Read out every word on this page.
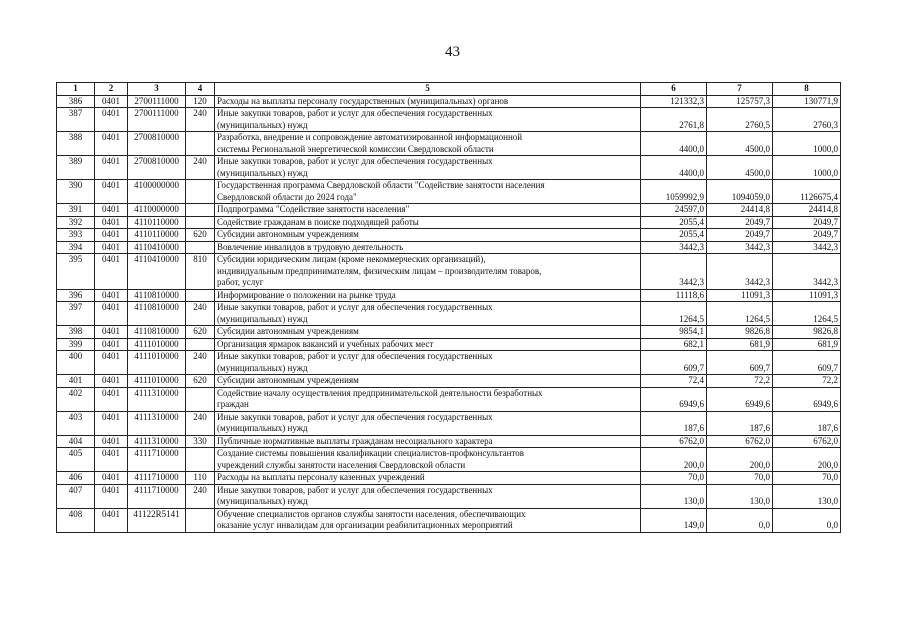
43
1	2	3	4	5	6	7	8
386	0401	2700111000	120	Расходы на выплаты персоналу государственных (муниципальных) органов	121332,3	125757,3	130771,9
387	0401	2700111000	240	Иные закупки товаров, работ и услуг для обеспечения государственных
(муниципальных) нужд	2761,8	2760,5	2760,3
388	0401	2700810000		Разработка, внедрение и сопровождение автоматизированной информационной
системы Региональной энергетической комиссии Свердловской области	4400,0	4500,0	1000,0
389	0401	2700810000	240	Иные закупки товаров, работ и услуг для обеспечения государственных
(муниципальных) нужд	4400,0	4500,0	1000,0
390	0401	4100000000		Государственная программа Свердловской области "Содействие занятости населения
Свердловской области до 2024 года"	1059992,9	1094059,0	1126675,4
391	0401	4110000000		Подпрограмма "Содействие занятости населения"	24597,0	24414,8	24414,8
392	0401	4110110000		Содействие гражданам в поиске подходящей работы	2055,4	2049,7	2049,7
393	0401	4110110000	620	Субсидии автономным учреждениям	2055,4	2049,7	2049,7
394	0401	4110410000		Вовлечение инвалидов в трудовую деятельность	3442,3	3442,3	3442,3
395	0401	4110410000	810	Субсидии юридическим лицам (кроме некоммерческих организаций),
индивидуальным предпринимателям, физическим лицам – производителям товаров,
работ, услуг	3442,3	3442,3	3442,3
396	0401	4110810000		Информирование о положении на рынке труда	11118,6	11091,3	11091,3
397	0401	4110810000	240	Иные закупки товаров, работ и услуг для обеспечения государственных
(муниципальных) нужд	1264,5	1264,5	1264,5
398	0401	4110810000	620	Субсидии автономным учреждениям	9854,1	9826,8	9826,8
399	0401	4111010000		Организация ярмарок вакансий и учебных рабочих мест	682,1	681,9	681,9
400	0401	4111010000	240	Иные закупки товаров, работ и услуг для обеспечения государственных
(муниципальных) нужд	609,7	609,7	609,7
401	0401	4111010000	620	Субсидии автономным учреждениям	72,4	72,2	72,2
402	0401	4111310000		Содействие началу осуществления предпринимательской деятельности безработных
граждан	6949,6	6949,6	6949,6
403	0401	4111310000	240	Иные закупки товаров, работ и услуг для обеспечения государственных
(муниципальных) нужд	187,6	187,6	187,6
404	0401	4111310000	330	Публичные нормативные выплаты гражданам несоциального характера	6762,0	6762,0	6762,0
405	0401	4111710000		Создание системы повышения квалификации специалистов-профконсультантов
учреждений службы занятости населения Свердловской области	200,0	200,0	200,0
406	0401	4111710000	110	Расходы на выплаты персоналу казенных учреждений	70,0	70,0	70,0
407	0401	4111710000	240	Иные закупки товаров, работ и услуг для обеспечения государственных
(муниципальных) нужд	130,0	130,0	130,0
408	0401	41122R5141		Обучение специалистов органов службы занятости населения, обеспечивающих
оказание услуг инвалидам для организации реабилитационных мероприятий	149,0	0,0	0,0
